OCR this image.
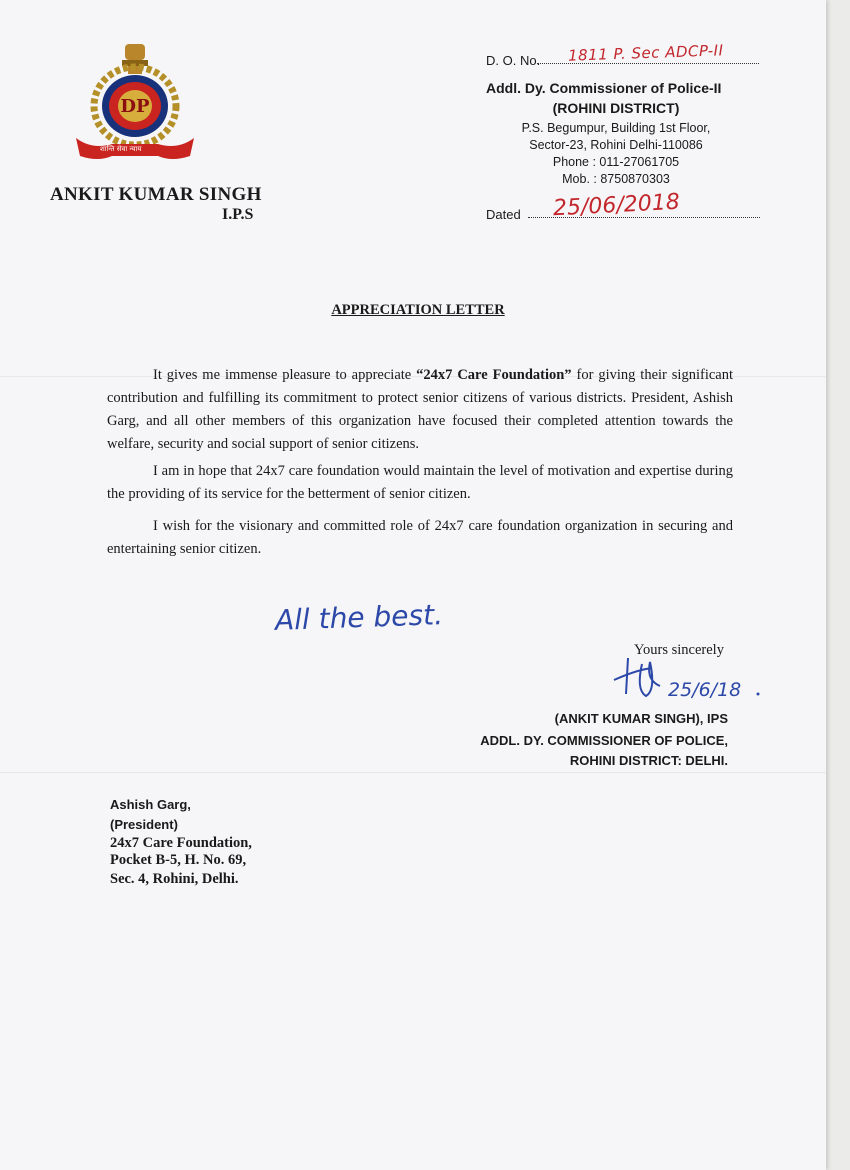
DP
शान्ति सेवा न्याय
ANKIT KUMAR SINGH
I.P.S
D. O. No. 1811 P. Sec ADCP-II
Addl. Dy. Commissioner of Police-II
(ROHINI DISTRICT)
P.S. Begumpur, Building 1st Floor,
Sector-23, Rohini Delhi-110086
Phone : 011-27061705
Mob. : 8750870303
Dated 25/06/2018
APPRECIATION LETTER

It gives me immense pleasure to appreciate “24x7 Care Foundation” for giving their significant contribution and fulfilling its commitment to protect senior citizens of various districts. President, Ashish Garg, and all other members of this organization have focused their completed attention towards the welfare, security and social support of senior citizens.

I am in hope that 24x7 care foundation would maintain the level of motivation and expertise during the providing of its service for the betterment of senior citizen.

I wish for the visionary and committed role of 24x7 care foundation organization in securing and entertaining senior citizen.

All the best.
Yours sincerely
25/6/18
(ANKIT KUMAR SINGH), IPS
ADDL. DY. COMMISSIONER OF POLICE,
ROHINI DISTRICT: DELHI.
Ashish Garg,
(President)
24x7 Care Foundation,
Pocket B-5, H. No. 69,
Sec. 4, Rohini, Delhi.
